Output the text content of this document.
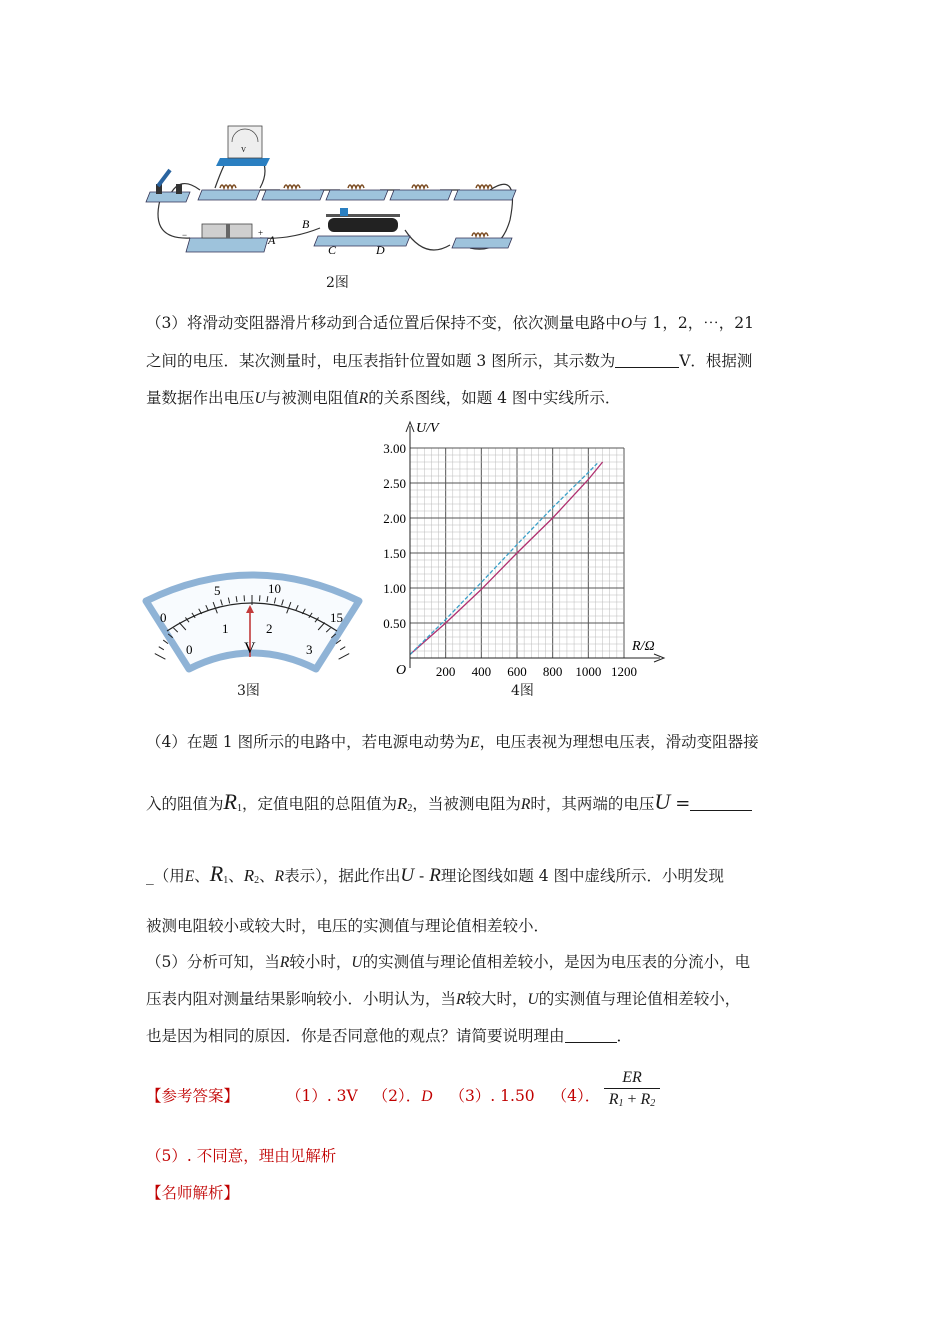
V
−	+ A
B
C	D
2图
（3）将滑动变阻器滑片移动到合适位置后保持不变，依次测量电路中O与 1，2，⋯，21
之间的电压．某次测量时，电压表指针位置如题 3 图所示，其示数为	V．根据测
量数据作出电压U与被测电阻值R的关系图线，如题 4 图中实线所示．
0
5	10
15
0
1	2
3
V
3图
200 400 600 800 1000 1200
0.50
1.00
1.50
2.00
2.50
3.00
U/V
R/Ω
O
4图
（4）在题 1 图所示的电路中，若电源电动势为E，电压表视为理想电压表，滑动变阻器接
入的阻值为$R_1$，定值电阻的总阻值为$R_2$，当被测电阻为R时，其两端的电压U =
_（用E、$R_1$、$R_2$、R表示），据此作出U - R理论图线如题 4 图中虚线所示．小明发现
被测电阻较小或较大时，电压的实测值与理论值相差较小．
（5）分析可知，当R较小时，U的实测值与理论值相差较小，是因为电压表的分流小，电
压表内阻对测量结果影响较小．小明认为，当R较大时，U的实测值与理论值相差较小，
也是因为相同的原因．你是否同意他的观点？请简要说明理由	．
【参考答案】	（1）. 3V （2）．D （3）. 1.50 （4）．
ER
$R_1 + R_2$
（5）. 不同意，理由见解析
【名师解析】
